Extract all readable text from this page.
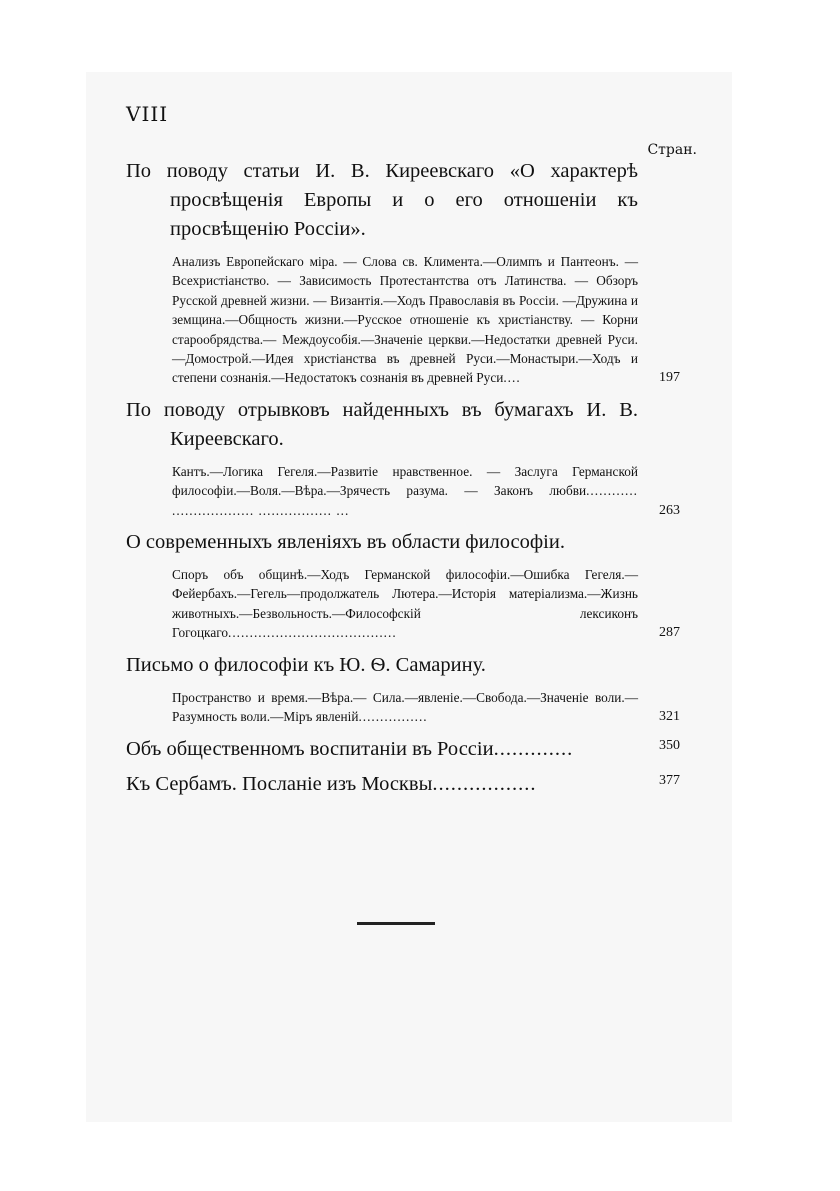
VIII
Стран.
По поводу статьи И. В. Киреевскаго «О характерѣ просвѣщенія Европы и о его отношеніи къ просвѣщенію Россіи».
Анализъ Европейскаго міра. — Слова св. Климента.—Олимпъ и Пантеонъ. —Всехристіанство. — Зависимость Протестантства отъ Латинства. — Обзоръ Русской древней жизни. — Византія.—Ходъ Православія въ Россіи. —Дружина и земщина.—Общность жизни.—Русское отношеніе къ христіанству. — Корни старообрядства.— Междоусобія.—Значеніе церкви.—Недостатки древней Руси.—Домострой.—Идея христіанства въ древней Руси.—Монастыри.—Ходъ и степени сознанія.—Недостатокъ сознанія въ древней Руси....	197
По поводу отрывковъ найденныхъ въ бумагахъ И. В. Киреевскаго.
Кантъ.—Логика Гегеля.—Развитіе нравственное. — Заслуга Германской философіи.—Воля.—Вѣра.—Зрячесть разума. — Законъ любви............ ................... ................. ...	263
О современныхъ явленіяхъ въ области философіи.
Споръ объ общинѣ.—Ходъ Германской философіи.—Ошибка Гегеля.— Фейербахъ.—Гегель—продолжатель Лютера.—Исторія матеріализма.—Жизнь животныхъ.—Безвольность.—Философскій лексиконъ Гогоцкаго.......................................	287
Письмо о философіи къ Ю. Ѳ. Самарину.
Пространство и время.—Вѣра.— Сила.—явленіе.—Свобода.—Значеніе воли.—Разумность воли.—Міръ явленій................	321
Объ общественномъ воспитаніи въ Россіи.............	350
Къ Сербамъ. Посланіе изъ Москвы.................	377
